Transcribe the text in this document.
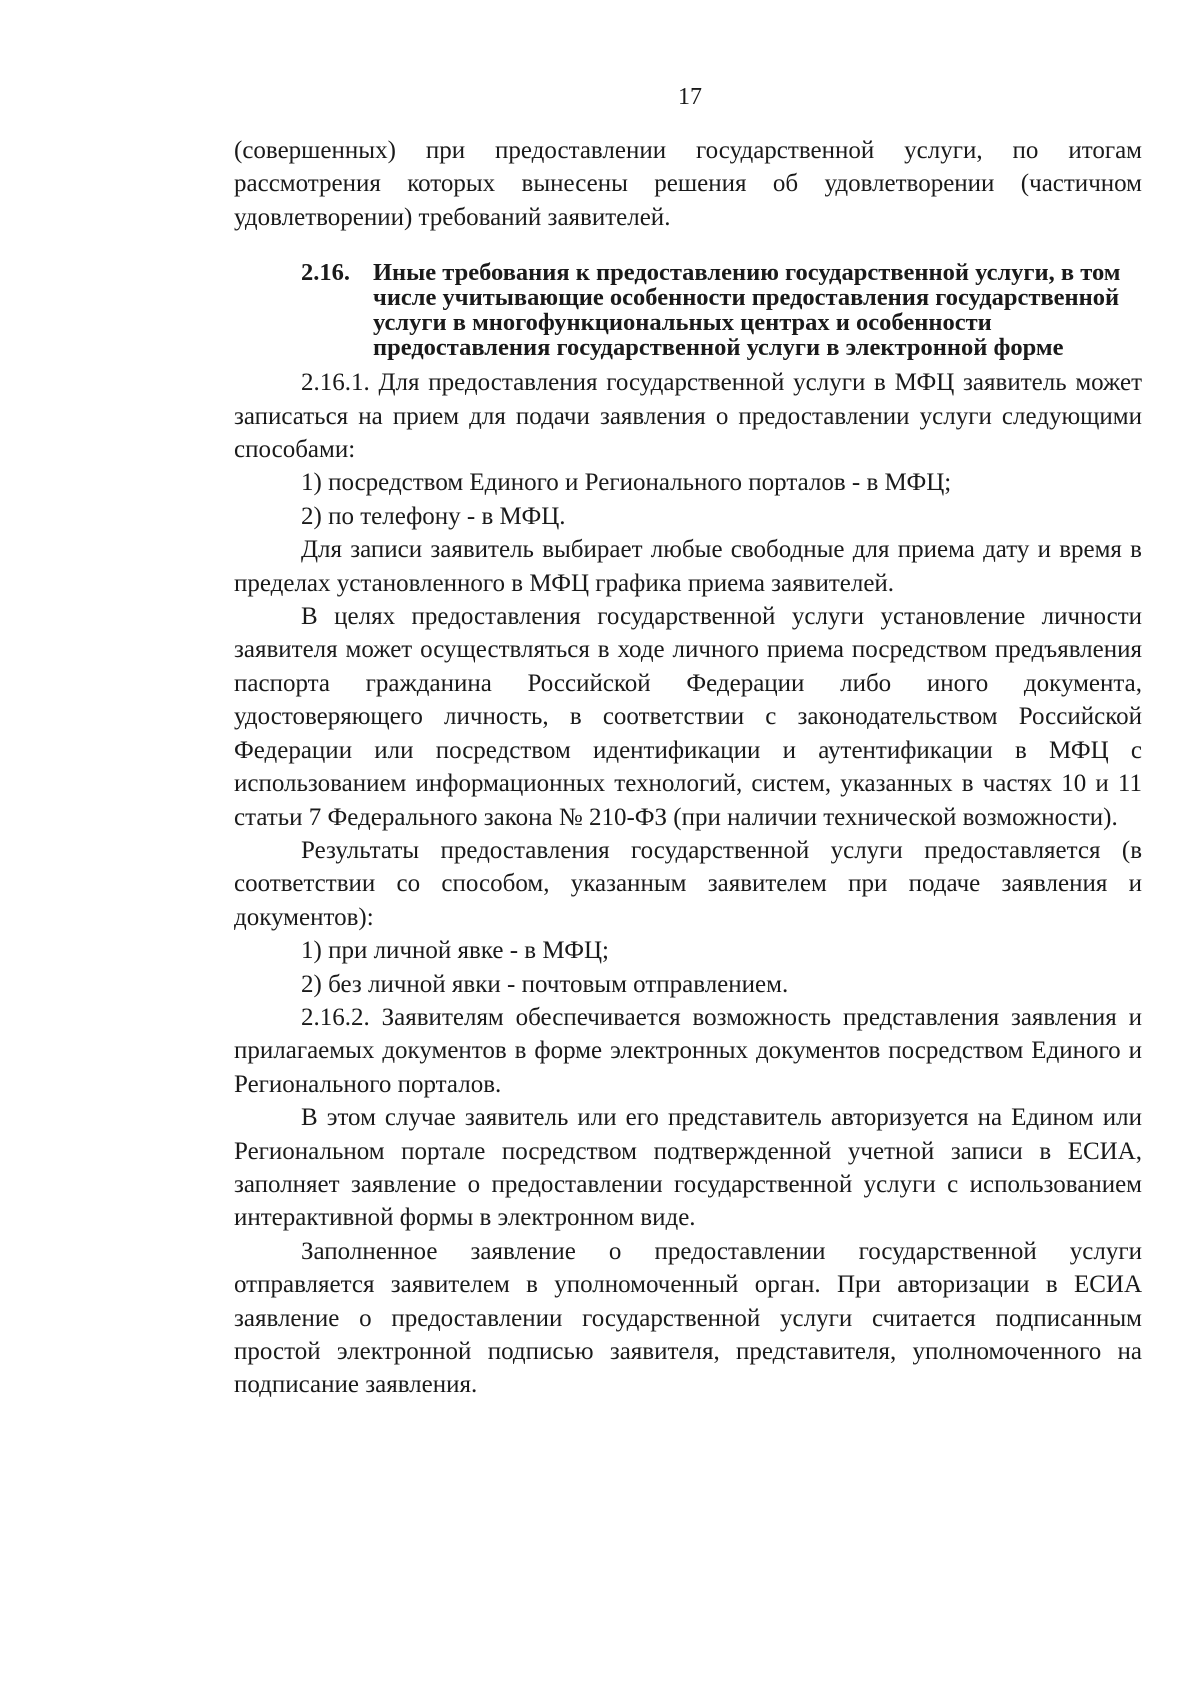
17

(совершенных) при предоставлении государственной услуги, по итогам рассмотрения которых вынесены решения об удовлетворении (частичном удовлетворении) требований заявителей.

2.16. Иные требования к предоставлению государственной услуги, в том числе учитывающие особенности предоставления государственной услуги в многофункциональных центрах и особенности предоставления государственной услуги в электронной форме

2.16.1. Для предоставления государственной услуги в МФЦ заявитель может записаться на прием для подачи заявления о предоставлении услуги следующими способами:

1) посредством Единого и Регионального порталов - в МФЦ;

2) по телефону - в МФЦ.

Для записи заявитель выбирает любые свободные для приема дату и время в пределах установленного в МФЦ графика приема заявителей.

В целях предоставления государственной услуги установление личности заявителя может осуществляться в ходе личного приема посредством предъявления паспорта гражданина Российской Федерации либо иного документа, удостоверяющего личность, в соответствии с законодательством Российской Федерации или посредством идентификации и аутентификации в МФЦ с использованием информационных технологий, систем, указанных в частях 10 и 11 статьи 7 Федерального закона № 210-ФЗ (при наличии технической возможности).

Результаты предоставления государственной услуги предоставляется (в соответствии со способом, указанным заявителем при подаче заявления и документов):

1) при личной явке - в МФЦ;

2) без личной явки - почтовым отправлением.

2.16.2. Заявителям обеспечивается возможность представления заявления и прилагаемых документов в форме электронных документов посредством Единого и Регионального порталов.

В этом случае заявитель или его представитель авторизуется на Едином или Региональном портале посредством подтвержденной учетной записи в ЕСИА, заполняет заявление о предоставлении государственной услуги с использованием интерактивной формы в электронном виде.

Заполненное заявление о предоставлении государственной услуги отправляется заявителем в уполномоченный орган. При авторизации в ЕСИА заявление о предоставлении государственной услуги считается подписанным простой электронной подписью заявителя, представителя, уполномоченного на подписание заявления.
